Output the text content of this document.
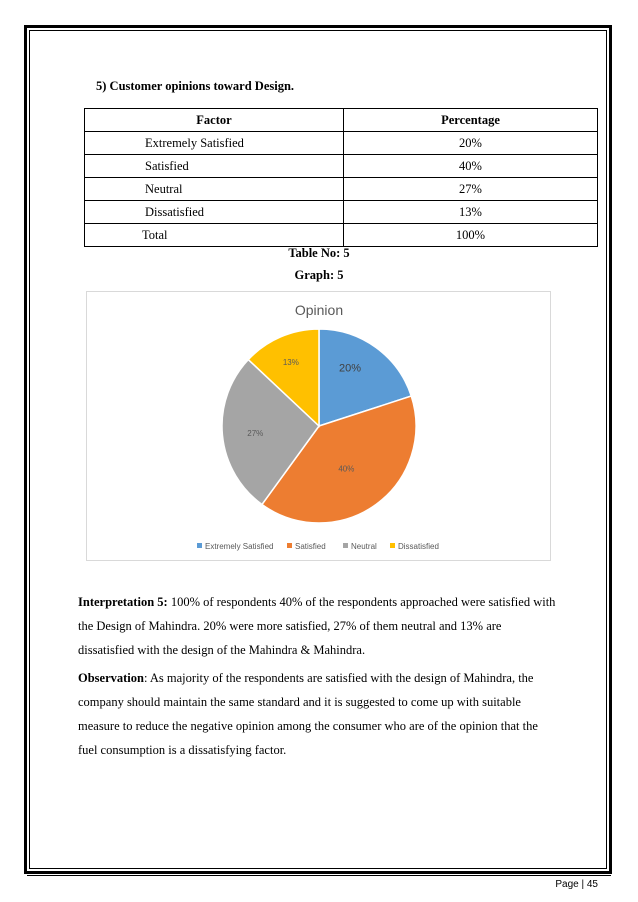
5) Customer opinions toward Design.
Factor	Percentage
Extremely Satisfied	20%
Satisfied	40%
Neutral	27%
Dissatisfied	13%
Total	100%
Table No: 5
Graph: 5
Opinion
20%
40%
27%
13%
Extremely Satisfied	Satisfied	Neutral	Dissatisfied

Interpretation 5: 100% of respondents 40% of the respondents approached were satisfied with the Design of Mahindra. 20% were more satisfied, 27% of them neutral and 13% are dissatisfied with the design of the Mahindra & Mahindra.

Observation: As majority of the respondents are satisfied with the design of Mahindra, the company should maintain the same standard and it is suggested to come up with suitable measure to reduce the negative opinion among the consumer who are of the opinion that the fuel consumption is a dissatisfying factor.

Page | 45
